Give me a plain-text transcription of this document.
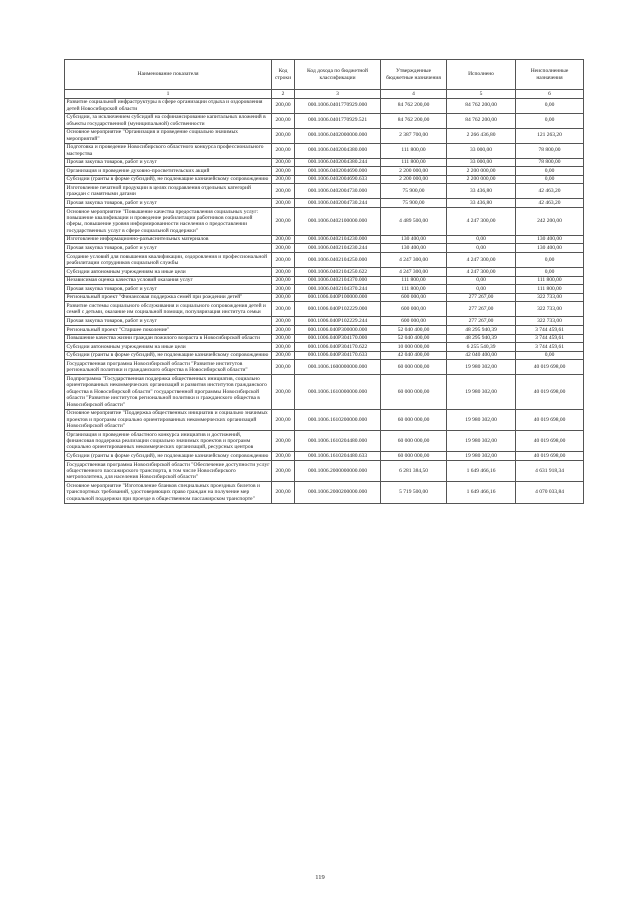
Наименование показателя	Код строки	Код дохода по бюджетной классификации	Утвержденные бюджетные назначения	Исполнено	Неисполненные назначения
1	2	3	4	5	6
Развитие социальной инфраструктуры в сфере организации отдыха и оздоровления детей Новосибирской области	200,00	000.1006.0401770929.000	84 762 200,00	84 762 200,00	0,00
Субсидии, за исключением субсидий на софинансирование капитальных вложений в объекты государственной (муниципальной) собственности	200,00	000.1006.0401770929.521	84 762 200,00	84 762 200,00	0,00
Основное мероприятие "Организация и проведение социально значимых мероприятий"	200,00	000.1006.0402000000.000	2 387 700,00	2 266 436,80	121 263,20
Подготовка и проведение Новосибирского областного конкурса профессионального мастерства	200,00	000.1006.0402004380.000	111 800,00	33 000,00	78 800,00
Прочая закупка товаров, работ и услуг	200,00	000.1006.0402004380.244	111 800,00	33 000,00	78 800,00
Организация и проведение духовно-просветительских акций	200,00	000.1006.0402004690.000	2 200 000,00	2 200 000,00	0,00
Субсидии (гранты в форме субсидий), не подлежащие казначейскому сопровождению	200,00	000.1006.0402004690.633	2 200 000,00	2 200 000,00	0,00
Изготовление печатной продукции в целях поздравления отдельных категорий граждан с памятными датами	200,00	000.1006.0402004730.000	75 900,00	33 436,80	42 463,20
Прочая закупка товаров, работ и услуг	200,00	000.1006.0402004730.244	75 900,00	33 436,80	42 463,20
Основное мероприятие "Повышение качества предоставления социальных услуг: повышение квалификации и проведение реабилитации работников социальной сферы, повышение уровня информированности населения о предоставлении государственных услуг в сфере социальной поддержки"	200,00	000.1006.0402100000.000	4 489 500,00	4 247 300,00	242 200,00
Изготовление информационно-разъяснительных материалов	200,00	000.1006.0402104230.000	130 400,00	0,00	130 400,00
Прочая закупка товаров, работ и услуг	200,00	000.1006.0402104230.244	130 400,00	0,00	130 400,00
Создание условий для повышения квалификации, оздоровления и профессиональной реабилитации сотрудников социальной службы	200,00	000.1006.0402104250.000	4 247 300,00	4 247 300,00	0,00
Субсидии автономным учреждениям на иные цели	200,00	000.1006.0402104250.622	4 247 300,00	4 247 300,00	0,00
Независимая оценка качества условий оказания услуг	200,00	000.1006.0402104370.000	111 800,00	0,00	111 800,00
Прочая закупка товаров, работ и услуг	200,00	000.1006.0402104370.244	111 800,00	0,00	111 800,00
Региональный проект "Финансовая поддержка семей при рождении детей"	200,00	000.1006.040P100000.000	600 000,00	277 267,00	322 733,00
Развитие системы социального обслуживания и социального сопровождения детей и семей с детьми, оказание им социальной помощи, популяризация института семьи	200,00	000.1006.040P102229.000	600 000,00	277 267,00	322 733,00
Прочая закупка товаров, работ и услуг	200,00	000.1006.040P102229.244	600 000,00	277 267,00	322 733,00
Региональный проект "Старшее поколение"	200,00	000.1006.040P300000.000	52 040 400,00	48 295 940,39	3 744 459,61
Повышение качества жизни граждан пожилого возраста в Новосибирской области	200,00	000.1006.040P304170.000	52 040 400,00	48 295 940,39	3 744 459,61
Субсидии автономным учреждениям на иные цели	200,00	000.1006.040P304170.622	10 000 000,00	6 255 540,39	3 744 459,61
Субсидии (гранты в форме субсидий), не подлежащие казначейскому сопровождению	200,00	000.1006.040P304170.633	42 040 400,00	42 040 400,00	0,00
Государственная программа Новосибирской области "Развитие институтов региональной политики и гражданского общества в Новосибирской области"	200,00	000.1006.1600000000.000	60 000 000,00	19 980 302,00	40 019 698,00
Подпрограмма "Государственная поддержка общественных инициатив, социально ориентированных некоммерческих организаций и развития институтов гражданского общества в Новосибирской области" государственной программы Новосибирской области "Развитие институтов региональной политики и гражданского общества в Новосибирской области"	200,00	000.1006.1610000000.000	60 000 000,00	19 980 302,00	40 019 698,00
Основное мероприятие "Поддержка общественных инициатив и социально значимых проектов и программ социально ориентированных некоммерческих организаций Новосибирской области"	200,00	000.1006.1610200000.000	60 000 000,00	19 980 302,00	40 019 698,00
Организация и проведение областного конкурса инициатив и достижений, финансовая поддержка реализации социально значимых проектов и программ социально ориентированных некоммерческих организаций, ресурсных центров	200,00	000.1006.1610204480.000	60 000 000,00	19 980 302,00	40 019 698,00
Субсидии (гранты в форме субсидий), не подлежащие казначейскому сопровождению	200,00	000.1006.1610204480.633	60 000 000,00	19 980 302,00	40 019 698,00
Государственная программа Новосибирской области "Обеспечение доступности услуг общественного пассажирского транспорта, в том числе Новосибирского метрополитена, для населения Новосибирской области"	200,00	000.1006.2000000000.000	6 281 384,50	1 649 466,16	4 631 918,34
Основное мероприятие "Изготовление бланков специальных проездных билетов и транспортных требований, удостоверяющих право граждан на получение мер социальной поддержки при проезде в общественном пассажирском транспорте"	200,00	000.1006.2000200000.000	5 719 500,00	1 649 466,16	4 070 033,84
119
